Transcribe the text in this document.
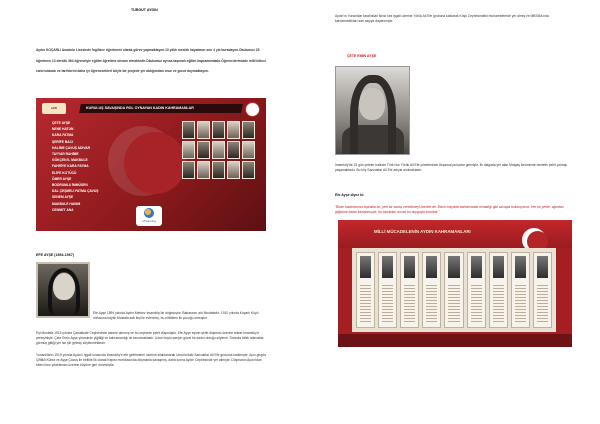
TURGUT AYDIN
Aydın KOÇARLI Anadolu Lisesinde İngilizce öğretmeni olarak görev yapmaktayım.13 yıllık meslek hayatımın son 4 yılı buradayım.Okulumuz 25 öğretmen 13 derslik 364 öğrenciyle eğitim öğretime devam etmektedir.Okulumuz ayrıca taşımalı eğitim kapsamındadır.Öğrencilerimizde milli bilinci canlı tutacak ve tarihlerini daha iyi öğreneceklerl böyle bir projede yer aldığımdan onur ve gurur duymaktayım.
KURULUŞ SAVAŞINDA ROL OYNAYAN KADIN KAHRAMANLAR
eDD
ÇETE AYŞE
NENE HATUN
KARA FATMA
ŞERİFE BACI
HALİME ÇAVUŞ ADIVAR
TAYYAR RAHİME
GÖKÇEN İL MAKBULE
FAHRİYE KARA FATMA
ELİFE KOTÜCÜ
ÖMER AYŞE
BODRUMLU İMMÜSEN
DAL ÇEŞMELİ FATMA ÇAVUŞ
SENEM AYŞE
MAKBULE HANIM
CENNET ANA
eTwinning
EFE AYŞE (1894-1967)
Efe Ayşe 1894 yılında Aydın Merkez İmamköy'de doğmuştur. Babasının adı Mustafadır. 1910 yılında Koçarlı Köyü nüfusuna kayıtlı Mustafa adlı kişi ile evlenmiş, bu evlilikten iki çocuğu olmuştur.
Eşi Mustafa 1915 yılında Çanakkale Cephesinde askere alınmış ve bu cephede şehit düşmüştür. Efe Ayşe eşinin şehit düşmesi üzerine tekrar İmamköy'e yerleşmiştir. Çete Emin Ayşe yöresinde yiğitliği ve kahramanlığı ile tanınmaktadır. Uzun boylu sarışın güzel bir kadın olduğu söylenir. Sırtında tüfek takmakta görmüş gittiği yer ise şiir gelmiş söylenmektedir.
Yunanlıların 1919 yılında Aydın'ı işgali sırasında İmamköy'e efe gelirlmeleri üzerine silahlanarak Umurlu'daki Sancaktar Ali Efe grubuna katılmıştır. Aynı grupta Çiftlikli Kübra ve Ayşe Çavuş ile birlikte ilk olarak Kepez mıntıkasında düşmanla savaşmış, daha sonra Aydın Cephesinde yer almıştır. Düşmanın Aydın'dan birinci kez çıkarılması üzerine köyüne geri dönmüştür.
Aydın'ın Yunanlılar tarafından ikinci kez işgali üzerine Yörük Ali Efe grubuna katılarak Köşk Cephesindeki muharebelerde yer almış ve MBSMA'nda kahramanlıkları sarı sayıya dayanmıştır.
ÇETE EMİN AYŞE
İmamköy'de 23 gün çeteler halinde Türk Nur Yörük Ali Efe yönetiminde Akçaova'ya kadar gelmiştir. İlk dalgada yer alan Matgaş kesiminde devletin şehit yoldaşı yaşamaktadır. Bu köy Sancaktar Ali Efe adıyla anılmaktadır.
Efe Ayşe diyor ki:
"Bizim kadınlarımız toprakla bir, yeni bir savaş verebilmeyi isteriler de. Bizim mayıklar kahramanlar olmadığı gibi savaşta bulunuyoruz. Her bir yerde, ağızdan göğsüne kadar kanlanmıştık; bu toprakları ancak bu duyguyla koruduk."
MİLLİ MÜCADELENİN AYDIN KAHRAMANLARI
